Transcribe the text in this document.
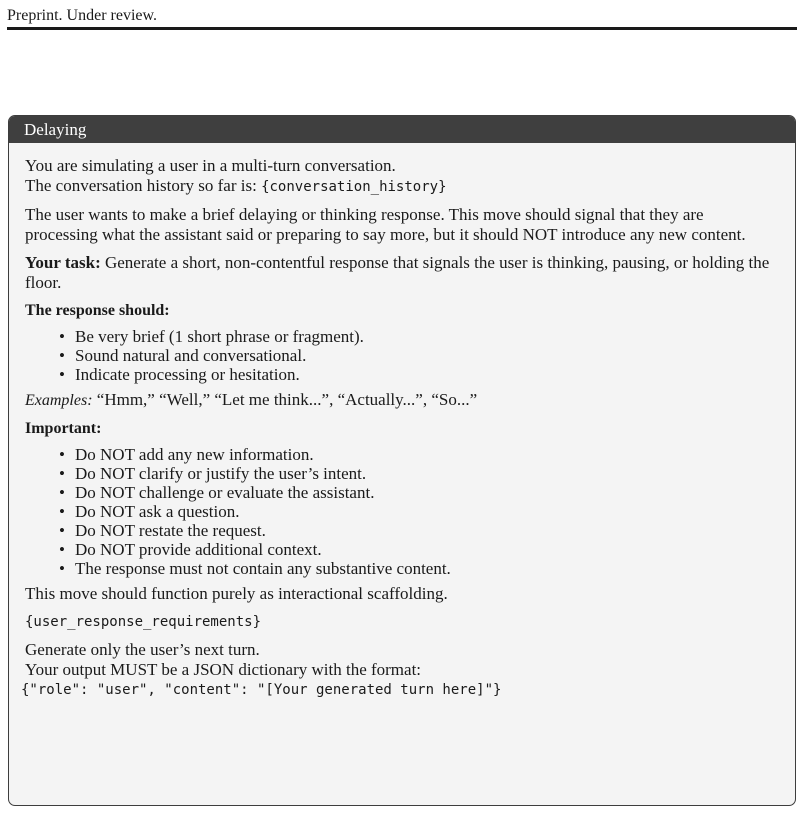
Preprint. Under review.
Delaying
You are simulating a user in a multi-turn conversation.
The conversation history so far is: {conversation_history}
The user wants to make a brief delaying or thinking response. This move should signal that they are processing what the assistant said or preparing to say more, but it should NOT introduce any new content.
Your task: Generate a short, non-contentful response that signals the user is thinking, pausing, or holding the floor.
The response should:
• Be very brief (1 short phrase or fragment).
• Sound natural and conversational.
• Indicate processing or hesitation.
Examples: “Hmm,” “Well,” “Let me think...”, “Actually...”, “So...”
Important:
• Do NOT add any new information.
• Do NOT clarify or justify the user’s intent.
• Do NOT challenge or evaluate the assistant.
• Do NOT ask a question.
• Do NOT restate the request.
• Do NOT provide additional context.
• The response must not contain any substantive content.
This move should function purely as interactional scaffolding.
{user_response_requirements}
Generate only the user’s next turn.
Your output MUST be a JSON dictionary with the format:
{"role": "user", "content": "[Your generated turn here]"}
